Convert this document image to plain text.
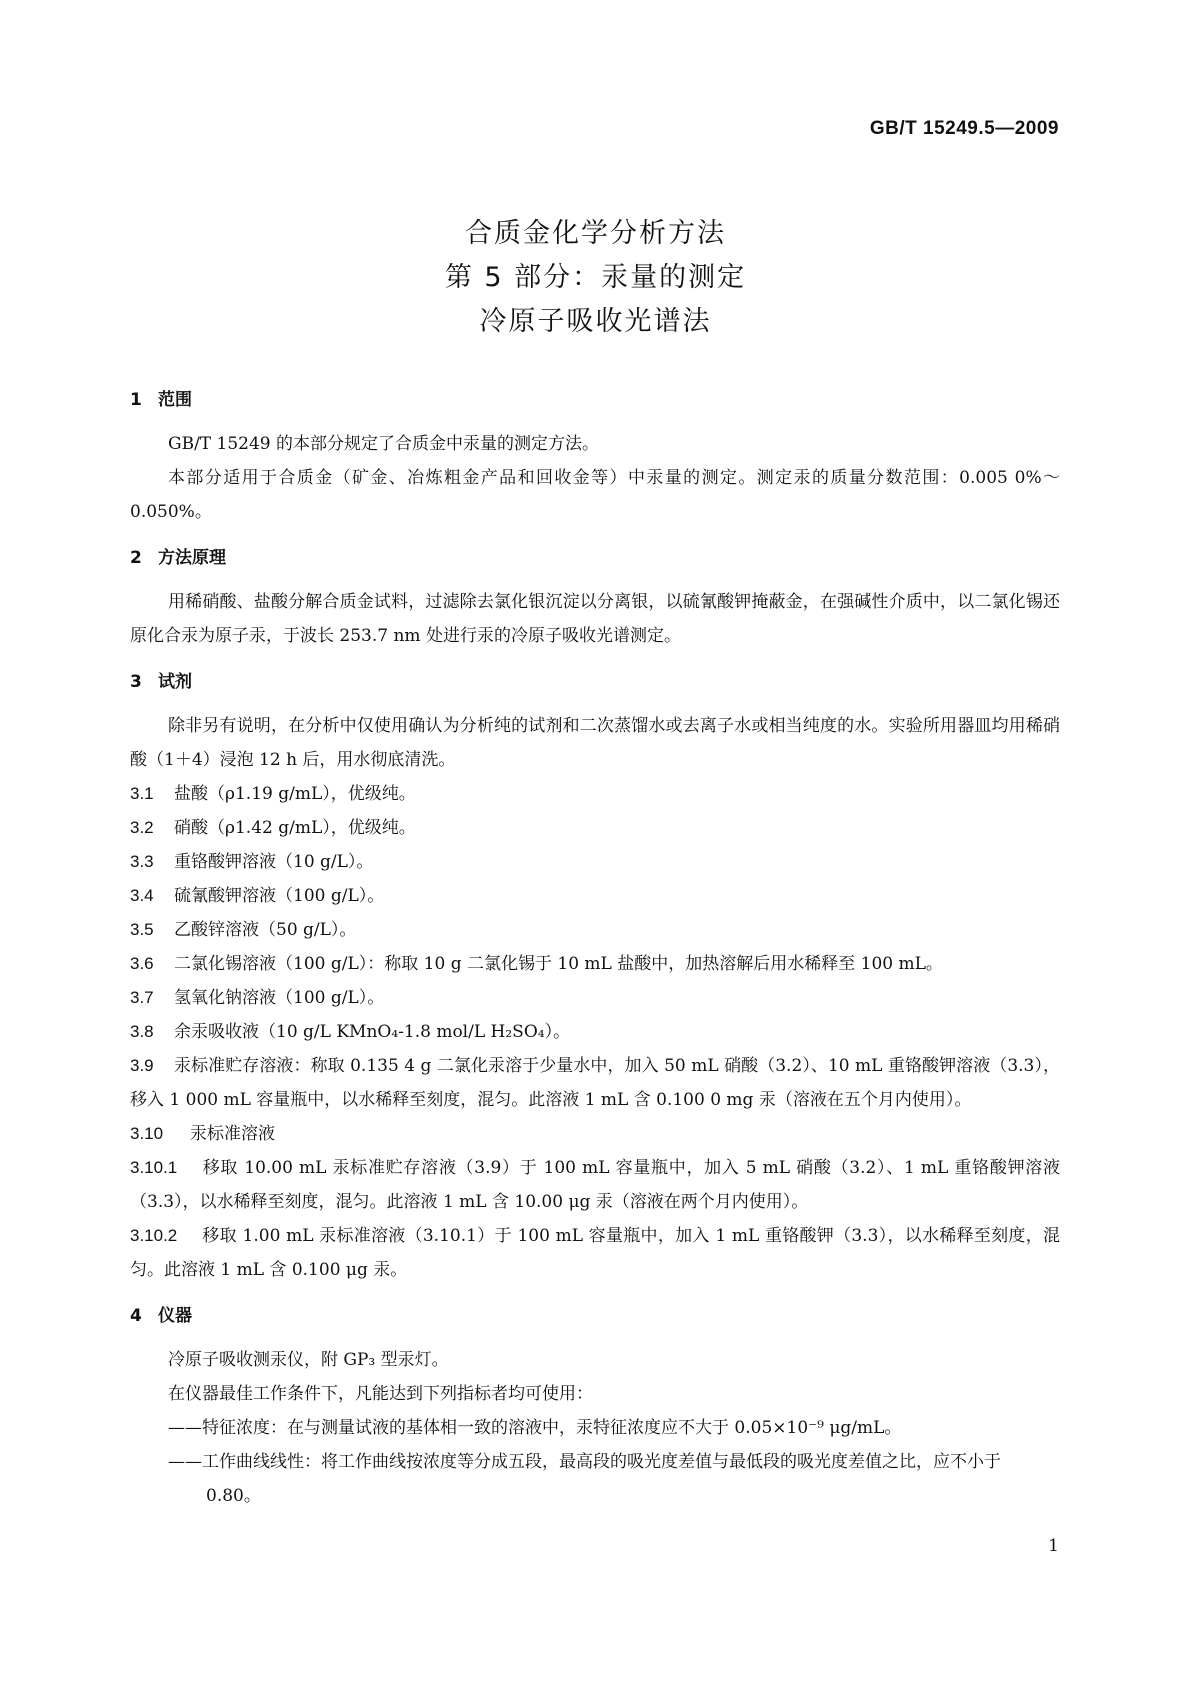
GB/T 15249.5—2009
合质金化学分析方法
第 5 部分：汞量的测定
冷原子吸收光谱法
1 范围

GB/T 15249 的本部分规定了合质金中汞量的测定方法。

本部分适用于合质金（矿金、冶炼粗金产品和回收金等）中汞量的测定。测定汞的质量分数范围：0.005 0%～0.050%。

2 方法原理

用稀硝酸、盐酸分解合质金试料，过滤除去氯化银沉淀以分离银，以硫氰酸钾掩蔽金，在强碱性介质中，以二氯化锡还原化合汞为原子汞，于波长 253.7 nm 处进行汞的冷原子吸收光谱测定。

3 试剂

除非另有说明，在分析中仅使用确认为分析纯的试剂和二次蒸馏水或去离子水或相当纯度的水。实验所用器皿均用稀硝酸（1＋4）浸泡 12 h 后，用水彻底清洗。

3.1 盐酸（ρ1.19 g/mL），优级纯。

3.2 硝酸（ρ1.42 g/mL），优级纯。

3.3 重铬酸钾溶液（10 g/L）。

3.4 硫氰酸钾溶液（100 g/L）。

3.5 乙酸锌溶液（50 g/L）。

3.6 二氯化锡溶液（100 g/L）：称取 10 g 二氯化锡于 10 mL 盐酸中，加热溶解后用水稀释至 100 mL。

3.7 氢氧化钠溶液（100 g/L）。

3.8 余汞吸收液（10 g/L KMnO₄-1.8 mol/L H₂SO₄）。

3.9 汞标准贮存溶液：称取 0.135 4 g 二氯化汞溶于少量水中，加入 50 mL 硝酸（3.2）、10 mL 重铬酸钾溶液（3.3），移入 1 000 mL 容量瓶中，以水稀释至刻度，混匀。此溶液 1 mL 含 0.100 0 mg 汞（溶液在五个月内使用）。

3.10 汞标准溶液

3.10.1 移取 10.00 mL 汞标准贮存溶液（3.9）于 100 mL 容量瓶中，加入 5 mL 硝酸（3.2）、1 mL 重铬酸钾溶液（3.3），以水稀释至刻度，混匀。此溶液 1 mL 含 10.00 μg 汞（溶液在两个月内使用）。

3.10.2 移取 1.00 mL 汞标准溶液（3.10.1）于 100 mL 容量瓶中，加入 1 mL 重铬酸钾（3.3），以水稀释至刻度，混匀。此溶液 1 mL 含 0.100 μg 汞。

4 仪器

冷原子吸收测汞仪，附 GP₃ 型汞灯。

在仪器最佳工作条件下，凡能达到下列指标者均可使用：

——特征浓度：在与测量试液的基体相一致的溶液中，汞特征浓度应不大于 0.05×10⁻⁹ μg/mL。

——工作曲线线性：将工作曲线按浓度等分成五段，最高段的吸光度差值与最低段的吸光度差值之比，应不小于 0.80。

1
